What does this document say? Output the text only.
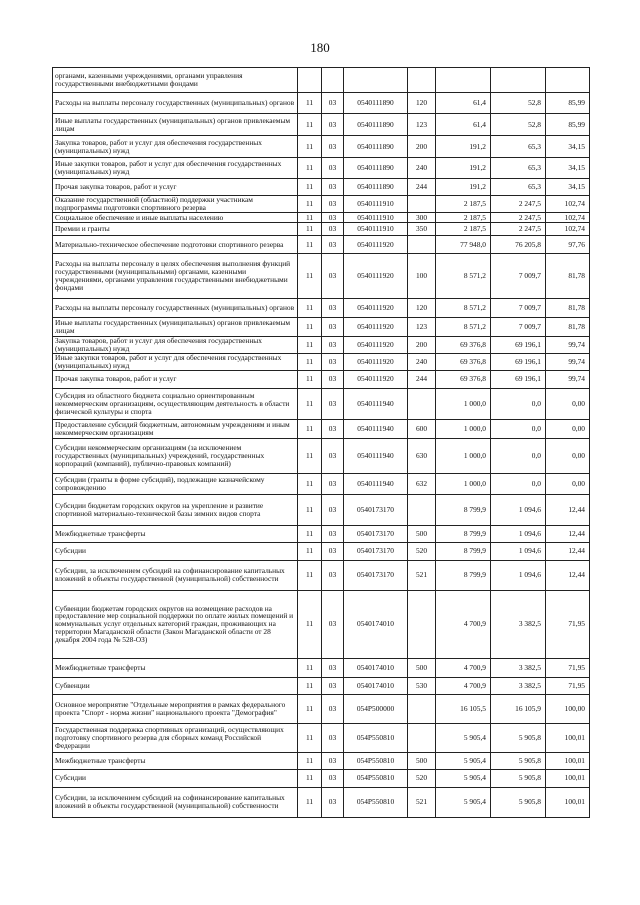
180
органами, казенными учреждениями, органами управления государственными внебюджетными фондами							
Расходы на выплаты персоналу государственных (муниципальных) органов	11	03	0540111890	120	61,4	52,8	85,99
Иные выплаты государственных (муниципальных) органов привлекаемым лицам	11	03	0540111890	123	61,4	52,8	85,99
Закупка товаров, работ и услуг для обеспечения государственных (муниципальных) нужд	11	03	0540111890	200	191,2	65,3	34,15
Иные закупки товаров, работ и услуг для обеспечения государственных (муниципальных) нужд	11	03	0540111890	240	191,2	65,3	34,15
Прочая закупка товаров, работ и услуг	11	03	0540111890	244	191,2	65,3	34,15
Оказание государственной (областной) поддержки участникам подпрограммы подготовки спортивного резерва	11	03	0540111910		2 187,5	2 247,5	102,74
Социальное обеспечение и иные выплаты населению	11	03	0540111910	300	2 187,5	2 247,5	102,74
Премии и гранты	11	03	0540111910	350	2 187,5	2 247,5	102,74
Материально-техническое обеспечение подготовки спортивного резерва	11	03	0540111920		77 948,0	76 205,8	97,76
Расходы на выплаты персоналу в целях обеспечения выполнения функций государственными (муниципальными) органами, казенными учреждениями, органами управления государственными внебюджетными фондами	11	03	0540111920	100	8 571,2	7 009,7	81,78
Расходы на выплаты персоналу государственных (муниципальных) органов	11	03	0540111920	120	8 571,2	7 009,7	81,78
Иные выплаты государственных (муниципальных) органов привлекаемым лицам	11	03	0540111920	123	8 571,2	7 009,7	81,78
Закупка товаров, работ и услуг для обеспечения государственных (муниципальных) нужд	11	03	0540111920	200	69 376,8	69 196,1	99,74
Иные закупки товаров, работ и услуг для обеспечения государственных (муниципальных) нужд	11	03	0540111920	240	69 376,8	69 196,1	99,74
Прочая закупка товаров, работ и услуг	11	03	0540111920	244	69 376,8	69 196,1	99,74
Субсидия из областного бюджета социально ориентированным некоммерческим организациям, осуществляющим деятельность в области физической культуры и спорта	11	03	0540111940		1 000,0	0,0	0,00
Предоставление субсидий бюджетным, автономным учреждениям и иным некоммерческим организациям	11	03	0540111940	600	1 000,0	0,0	0,00
Субсидии некоммерческим организациям (за исключением государственных (муниципальных) учреждений, государственных корпораций (компаний), публично-правовых компаний)	11	03	0540111940	630	1 000,0	0,0	0,00
Субсидии (гранты в форме субсидий), подлежащие казначейскому сопровождению	11	03	0540111940	632	1 000,0	0,0	0,00
Субсидии бюджетам городских округов на укрепление и развитие спортивной материально-технической базы зимних видов спорта	11	03	0540173170		8 799,9	1 094,6	12,44
Межбюджетные трансферты	11	03	0540173170	500	8 799,9	1 094,6	12,44
Субсидии	11	03	0540173170	520	8 799,9	1 094,6	12,44
Субсидии, за исключением субсидий на софинансирование капитальных вложений в объекты государственной (муниципальной) собственности	11	03	0540173170	521	8 799,9	1 094,6	12,44
Субвенции бюджетам городских округов на возмещение расходов на предоставление мер социальной поддержки по оплате жилых помещений и коммунальных услуг отдельных категорий граждан, проживающих на территории Магаданской области (Закон Магаданской области от 28 декабря 2004 года № 528-ОЗ)	11	03	0540174010		4 700,9	3 382,5	71,95
Межбюджетные трансферты	11	03	0540174010	500	4 700,9	3 382,5	71,95
Субвенции	11	03	0540174010	530	4 700,9	3 382,5	71,95
Основное мероприятие "Отдельные мероприятия в рамках федерального проекта "Спорт - норма жизни" национального проекта "Демография"	11	03	054P500000		16 105,5	16 105,9	100,00
Государственная поддержка спортивных организаций, осуществляющих подготовку спортивного резерва для сборных команд Российской Федерации	11	03	054P550810		5 905,4	5 905,8	100,01
Межбюджетные трансферты	11	03	054P550810	500	5 905,4	5 905,8	100,01
Субсидии	11	03	054P550810	520	5 905,4	5 905,8	100,01
Субсидии, за исключением субсидий на софинансирование капитальных вложений в объекты государственной (муниципальной) собственности	11	03	054P550810	521	5 905,4	5 905,8	100,01
